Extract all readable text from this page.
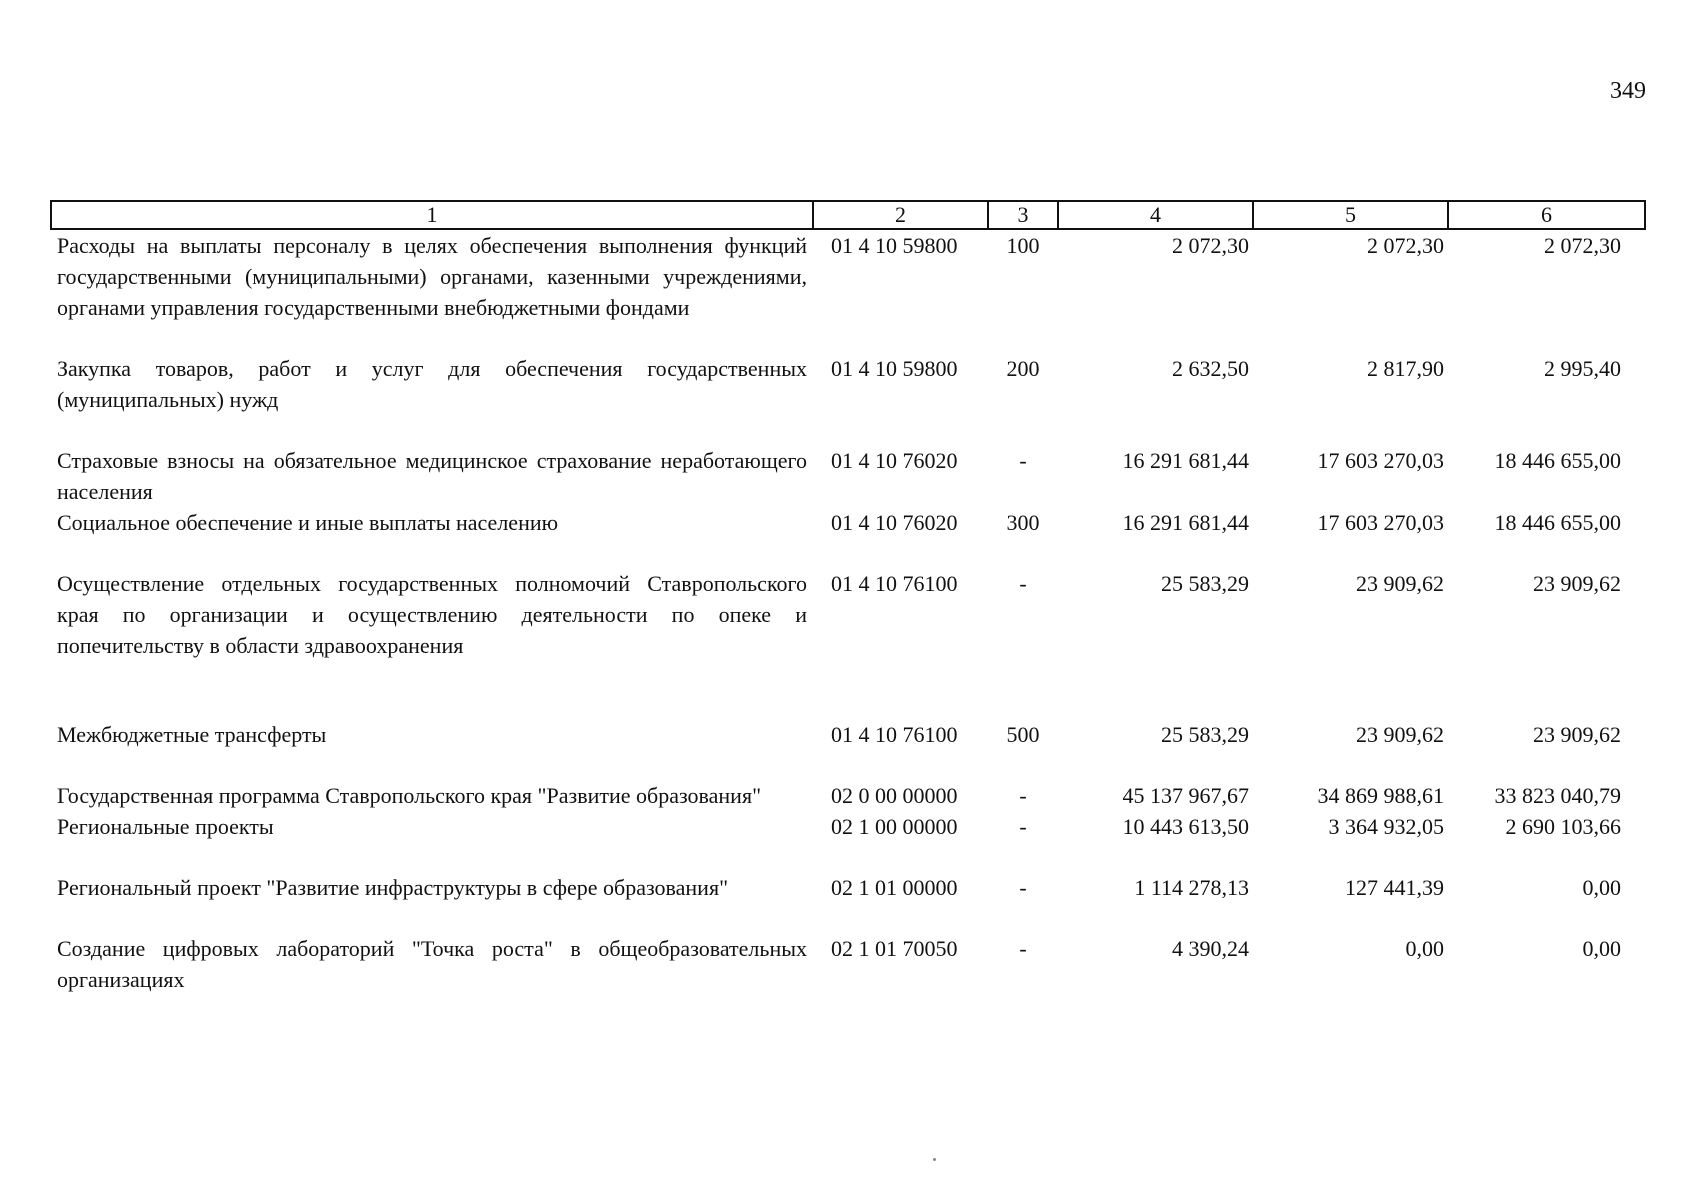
349
1	2	3	4	5	6
Расходы на выплаты персоналу в целях обеспечения выполнения функций государственными (муниципальными) органами, казенными учреждениями, органами управления государственными внебюджетными фондами	01 4 10 59800	100	2 072,30	2 072,30	2 072,30
Закупка товаров, работ и услуг для обеспечения государственных (муниципальных) нужд	01 4 10 59800	200	2 632,50	2 817,90	2 995,40
Страховые взносы на обязательное медицинское страхование неработающего населения	01 4 10 76020	-	16 291 681,44	17 603 270,03	18 446 655,00
Социальное обеспечение и иные выплаты населению	01 4 10 76020	300	16 291 681,44	17 603 270,03	18 446 655,00
Осуществление отдельных государственных полномочий Ставропольского края по организации и осуществлению деятельности по опеке и попечительству в области здравоохранения	01 4 10 76100	-	25 583,29	23 909,62	23 909,62
Межбюджетные трансферты	01 4 10 76100	500	25 583,29	23 909,62	23 909,62
Государственная программа Ставропольского края "Развитие образования"	02 0 00 00000	-	45 137 967,67	34 869 988,61	33 823 040,79
Региональные проекты	02 1 00 00000	-	10 443 613,50	3 364 932,05	2 690 103,66
Региональный проект "Развитие инфраструктуры в сфере образования"	02 1 01 00000	-	1 114 278,13	127 441,39	0,00
Создание цифровых лабораторий "Точка роста" в общеобразовательных организациях	02 1 01 70050	-	4 390,24	0,00	0,00
